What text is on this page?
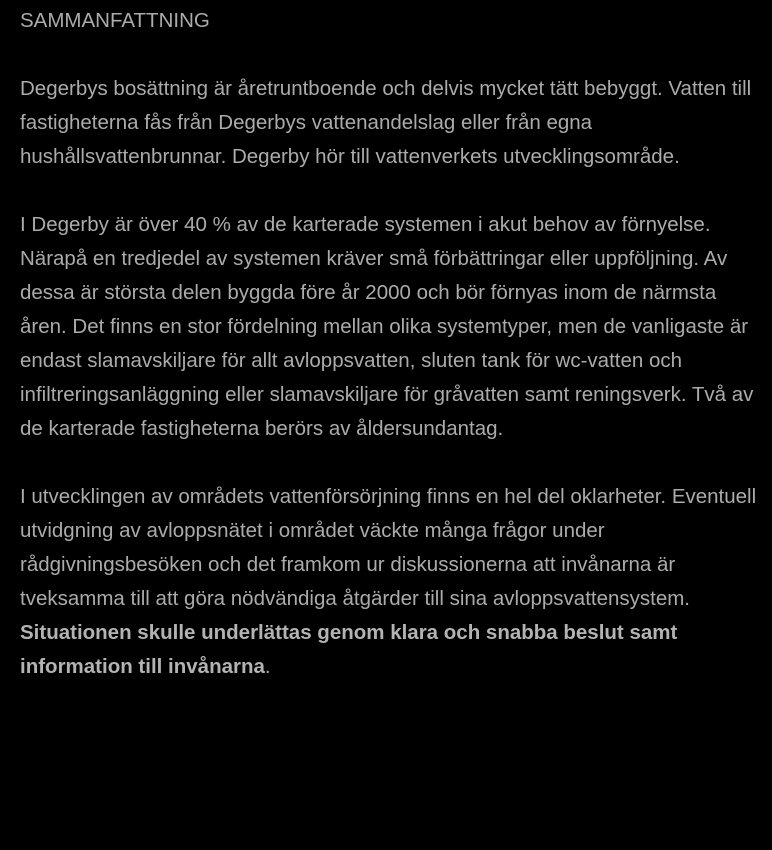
SAMMANFATTNING

Degerbys bosättning är åretruntboende och delvis mycket tätt bebyggt. Vatten till fastigheterna fås från Degerbys vattenandelslag eller från egna hushållsvattenbrunnar. Degerby hör till vattenverkets utvecklingsområde.

I Degerby är över 40 % av de karterade systemen i akut behov av förnyelse. Närapå en tredjedel av systemen kräver små förbättringar eller uppföljning. Av dessa är största delen byggda före år 2000 och bör förnyas inom de närmsta åren. Det finns en stor fördelning mellan olika systemtyper, men de vanligaste är endast slamavskiljare för allt avloppsvatten, sluten tank för wc-vatten och infiltreringsanläggning eller slamavskiljare för gråvatten samt reningsverk. Två av de karterade fastigheterna berörs av åldersundantag.

I utvecklingen av områdets vattenförsörjning finns en hel del oklarheter. Eventuell utvidgning av avloppsnätet i området väckte många frågor under rådgivningsbesöken och det framkom ur diskussionerna att invånarna är tveksamma till att göra nödvändiga åtgärder till sina avloppsvattensystem. Situationen skulle underlättas genom klara och snabba beslut samt information till invånarna.
